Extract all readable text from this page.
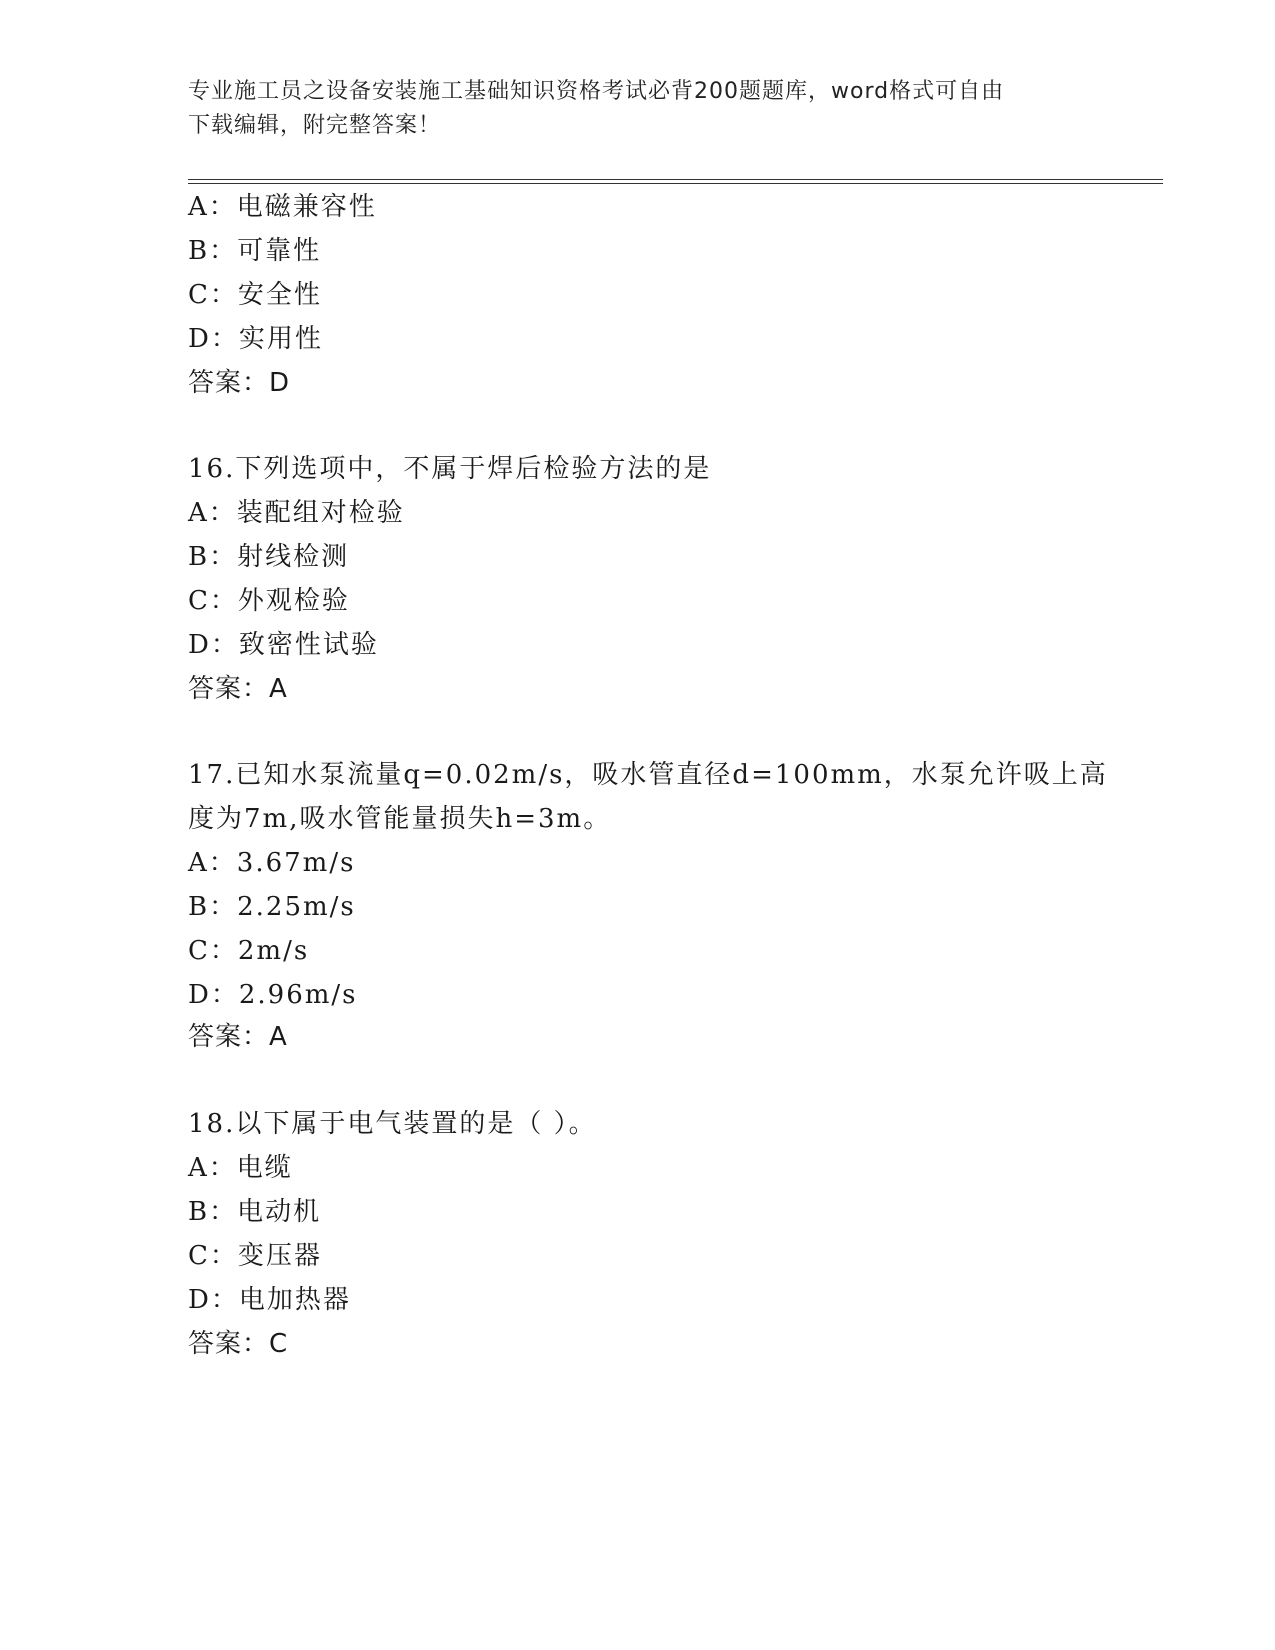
专业施工员之设备安装施工基础知识资格考试必背200题题库，word格式可自由
下载编辑，附完整答案！
A：电磁兼容性
B：可靠性
C：安全性
D：实用性
答案：D
16.下列选项中，不属于焊后检验方法的是
A：装配组对检验
B：射线检测
C：外观检验
D：致密性试验
答案：A
17.已知水泵流量q=0.02m/s，吸水管直径d=100mm，水泵允许吸上高
度为7m,吸水管能量损失h=3m。
A：3.67m/s
B：2.25m/s
C：2m/s
D：2.96m/s
答案：A
18.以下属于电气装置的是（ ）。
A：电缆
B：电动机
C：变压器
D：电加热器
答案：C
